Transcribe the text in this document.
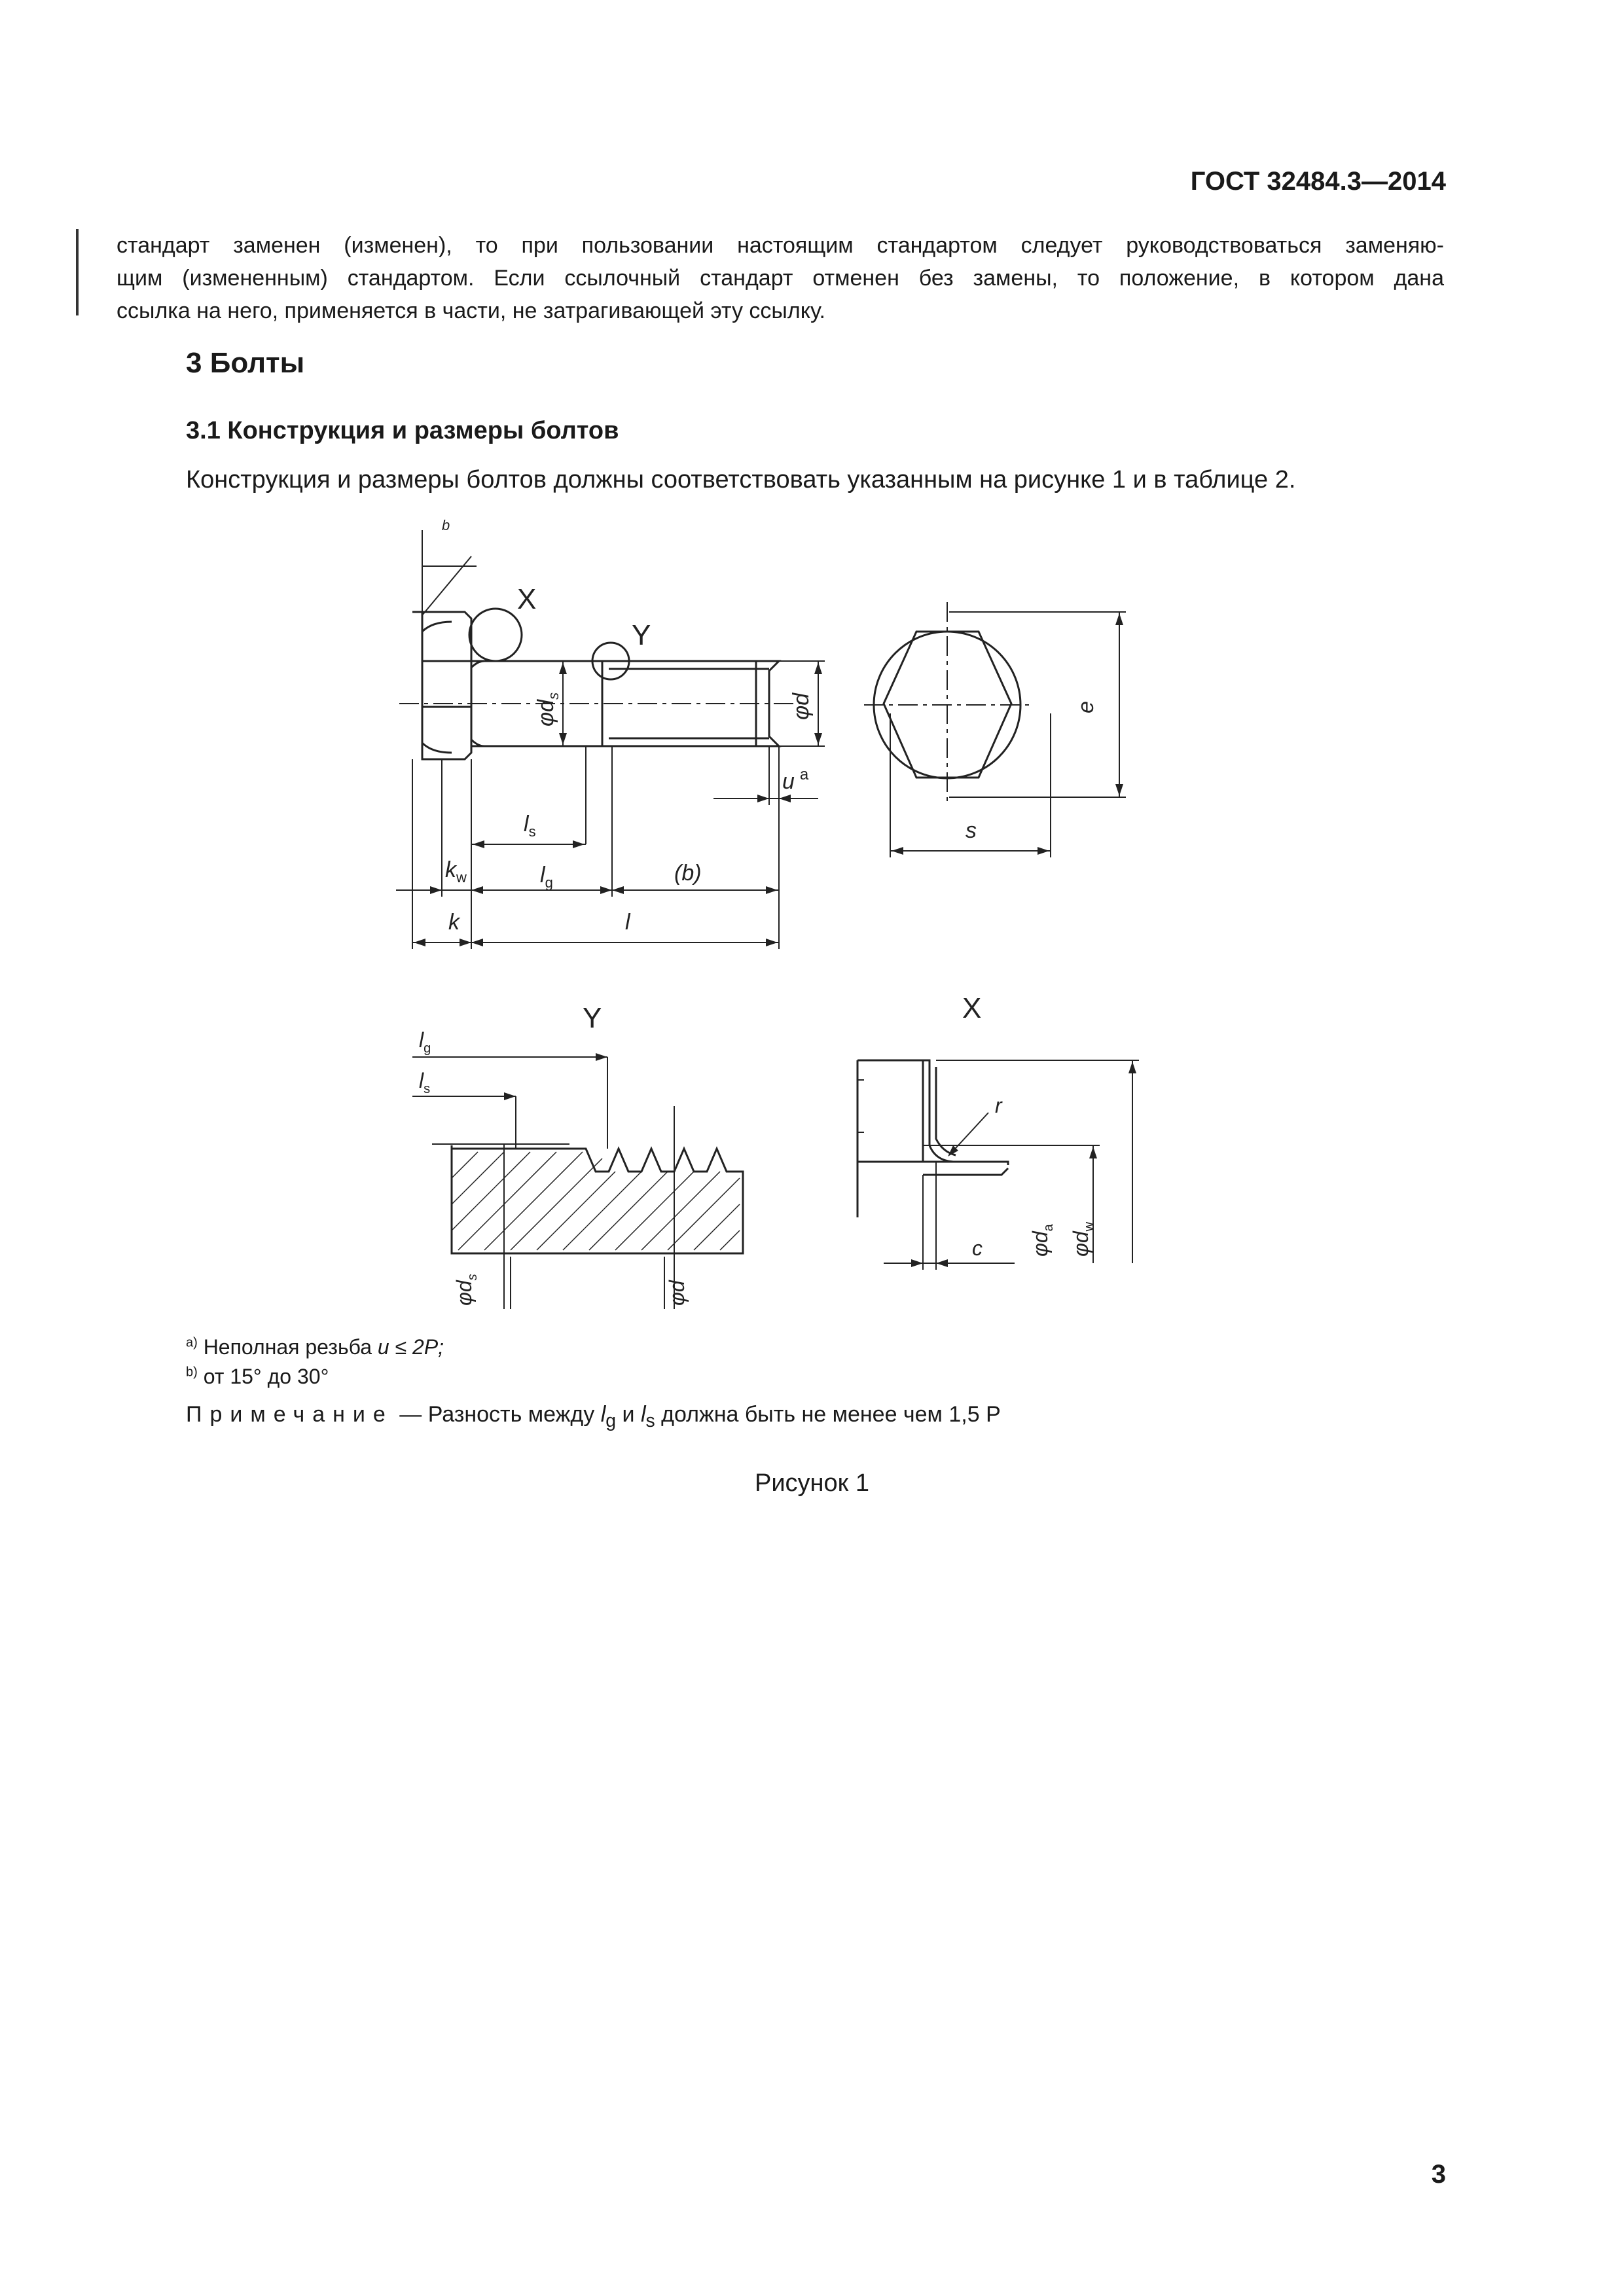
ГОСТ 32484.3—2014
стандарт заменен (изменен), то при пользовании настоящим стандартом следует руководствоваться заменяю-
щим (измененным) стандартом. Если ссылочный стандарт отменен без замены, то положение, в котором дана
ссылка на него, применяется в части, не затрагивающей эту ссылку.
3 Болты
3.1 Конструкция и размеры болтов
Конструкция и размеры болтов должны соответствовать указанным на рисунке 1 и в таблице 2.
b
X
Y
$\varphi d_s$	φd
u $^a$
e
s
$l_s$
$l_g$	(b)
$k_w$
k	l
Y
$l_g$
$l_s$
$\varphi d_s$
φd
X
r
c $\varphi d_a$
$\varphi d_w$
$^{a)}$ Неполная резьба u ≤ 2P;
$^{b)}$ от 15° до 30°
Примечание — Разность между $l_g$ и $l_s$ должна быть не менее чем 1,5 Р
Рисунок 1
3
